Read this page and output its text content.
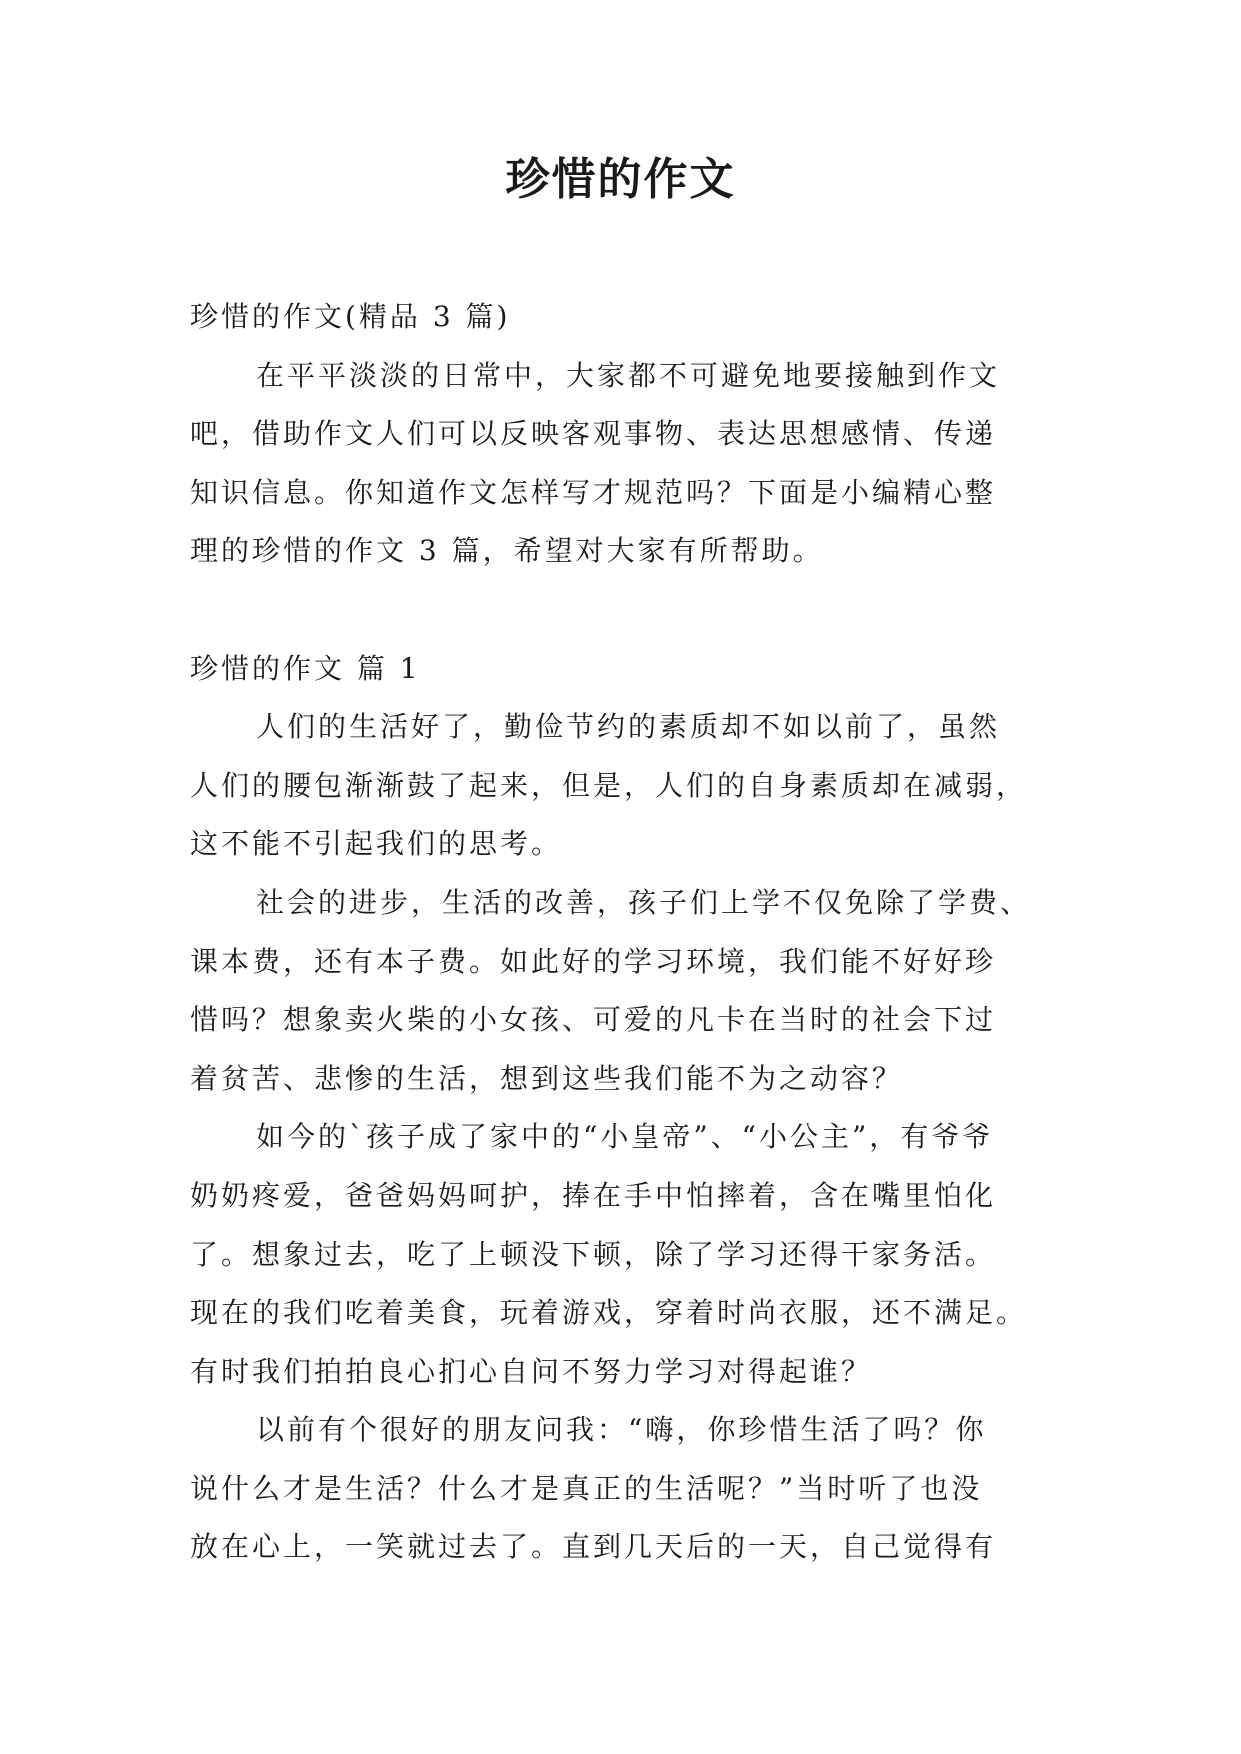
珍惜的作文

珍惜的作文(精品 3 篇)

在平平淡淡的日常中，大家都不可避免地要接触到作文

吧，借助作文人们可以反映客观事物、表达思想感情、传递

知识信息。你知道作文怎样写才规范吗？下面是小编精心整

理的珍惜的作文 3 篇，希望对大家有所帮助。

珍惜的作文 篇 1

人们的生活好了，勤俭节约的素质却不如以前了，虽然

人们的腰包渐渐鼓了起来，但是，人们的自身素质却在减弱，

这不能不引起我们的思考。

社会的进步，生活的改善，孩子们上学不仅免除了学费、

课本费，还有本子费。如此好的学习环境，我们能不好好珍

惜吗？想象卖火柴的小女孩、可爱的凡卡在当时的社会下过

着贫苦、悲惨的生活，想到这些我们能不为之动容？

如今的`孩子成了家中的“小皇帝”、“小公主”，有爷爷

奶奶疼爱，爸爸妈妈呵护，捧在手中怕摔着，含在嘴里怕化

了。想象过去，吃了上顿没下顿，除了学习还得干家务活。

现在的我们吃着美食，玩着游戏，穿着时尚衣服，还不满足。

有时我们拍拍良心扪心自问不努力学习对得起谁？

以前有个很好的朋友问我：“嗨，你珍惜生活了吗？你

说什么才是生活？什么才是真正的生活呢？”当时听了也没

放在心上，一笑就过去了。直到几天后的一天，自己觉得有
